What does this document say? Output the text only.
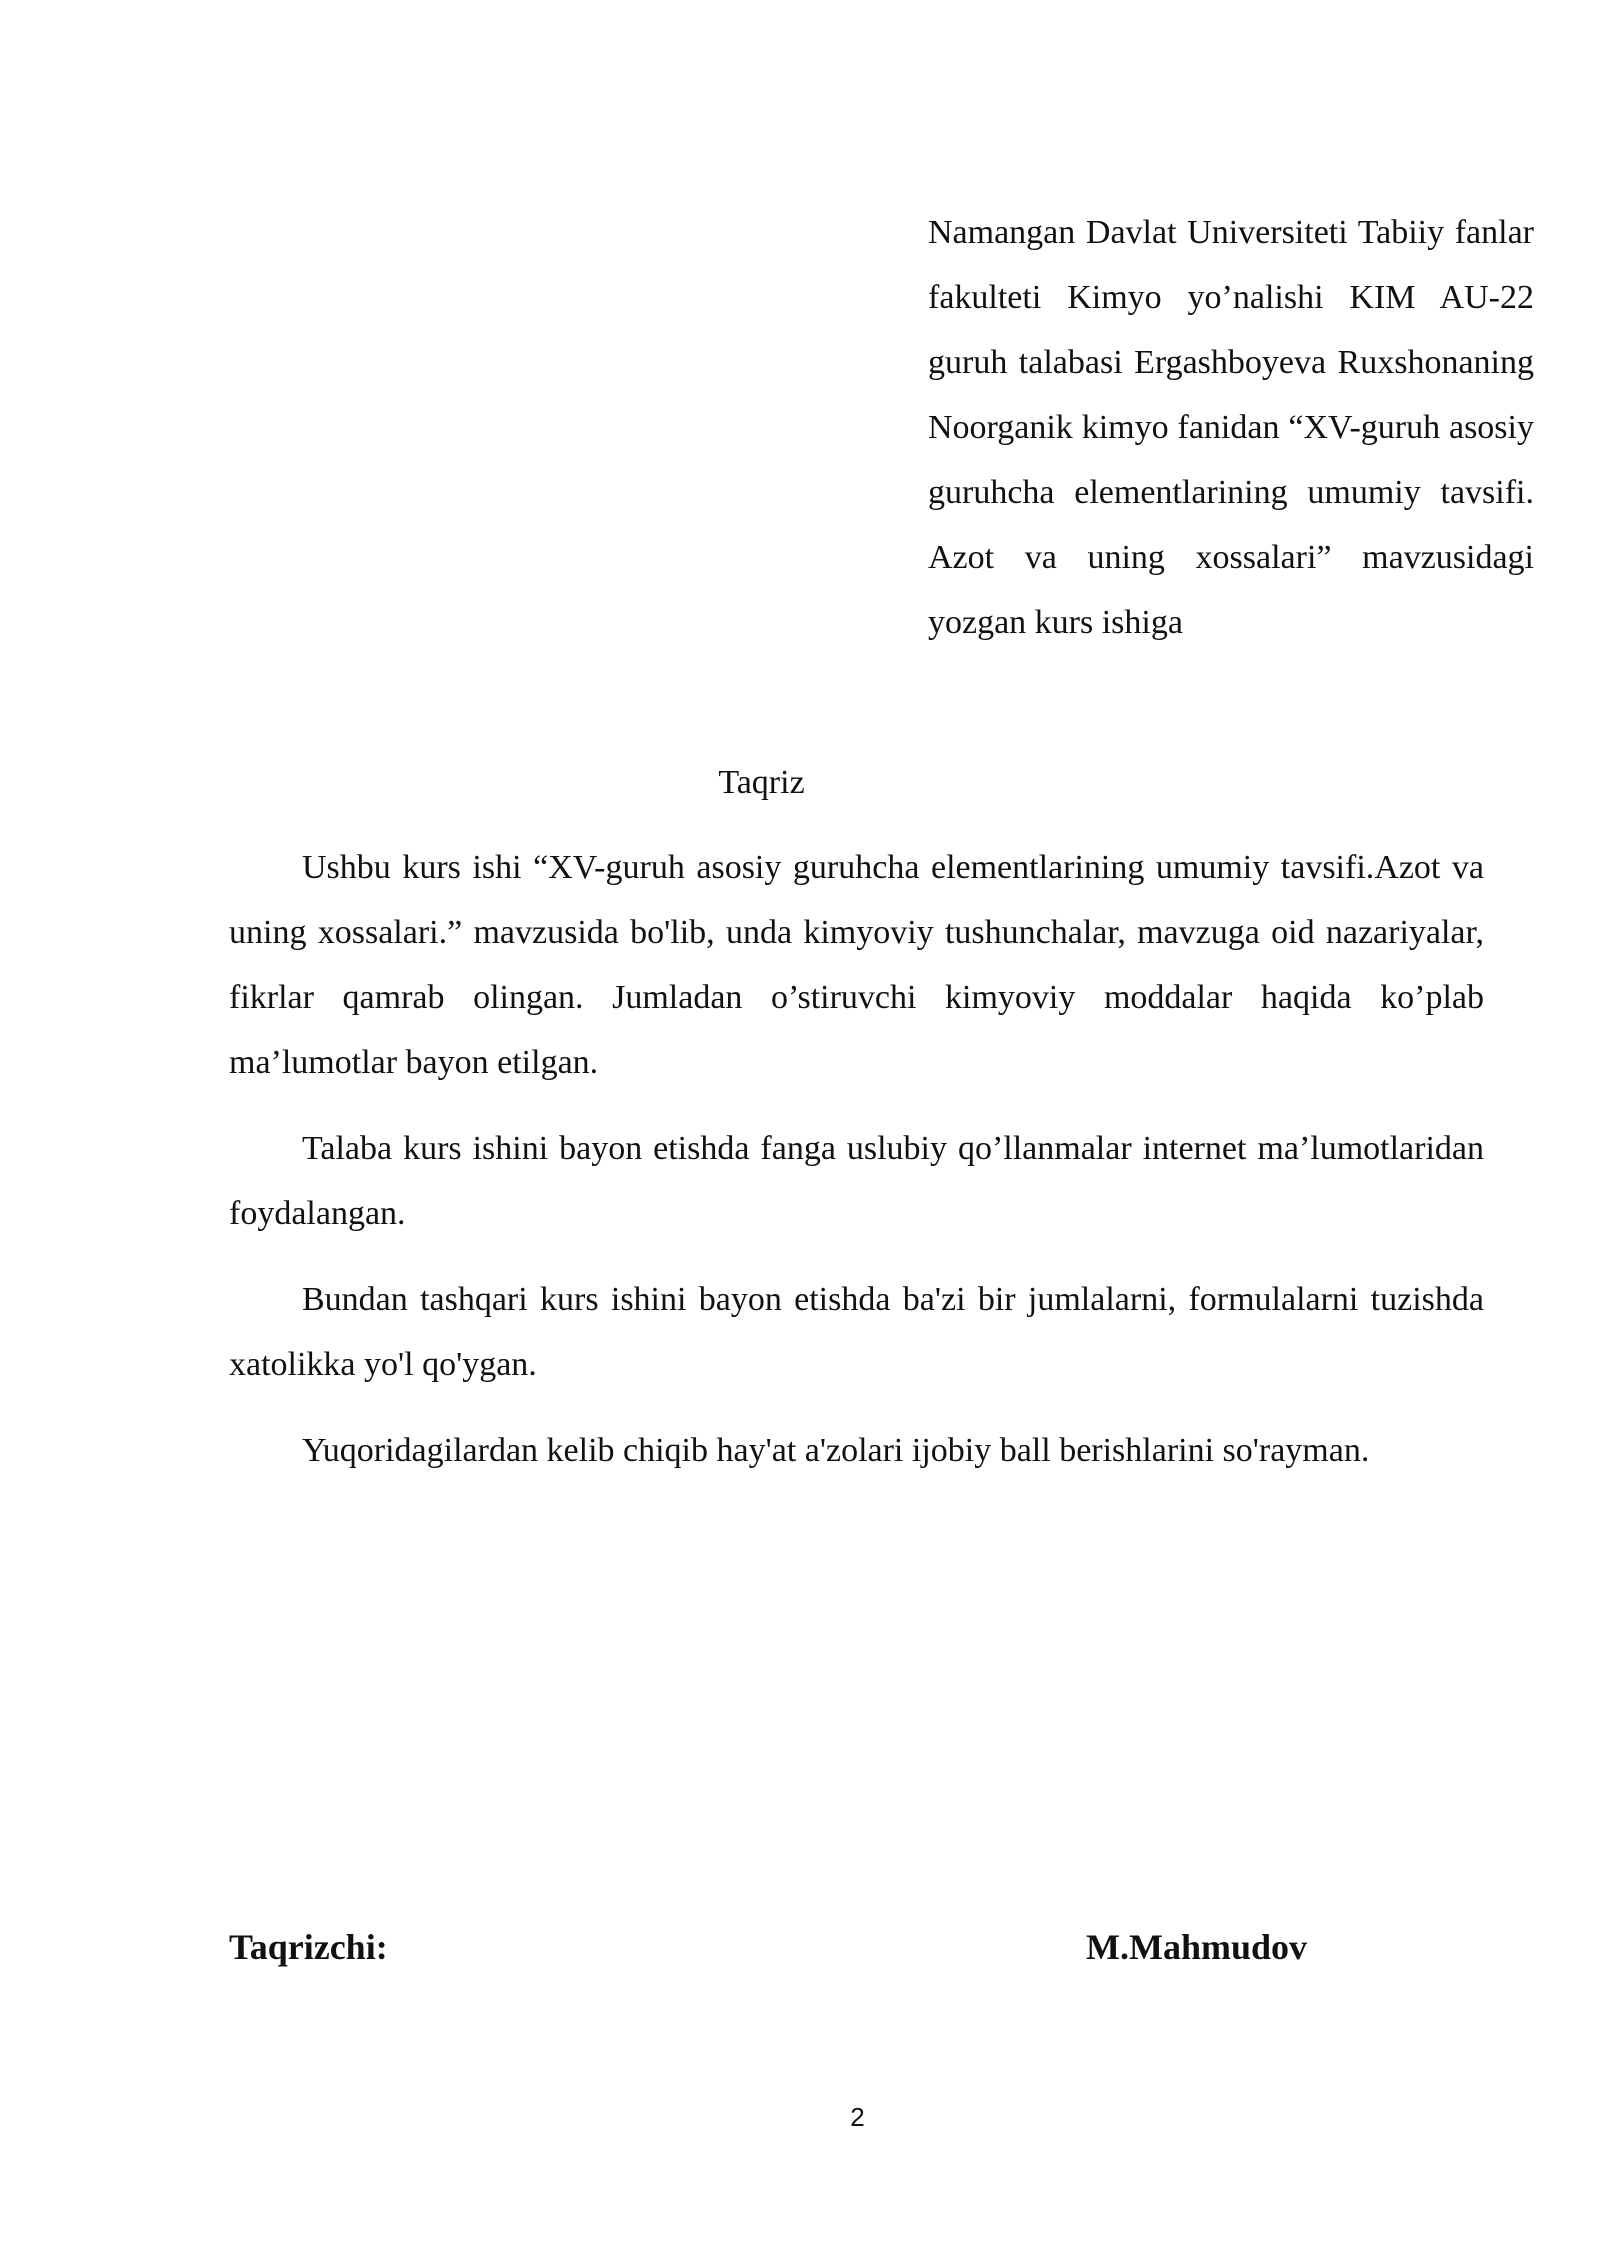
Namangan Davlat Universiteti Tabiiy fanlar fakulteti Kimyo yo’nalishi KIM AU-22 guruh talabasi Ergashboyeva Ruxshonaning Noorganik kimyo fanidan “XV-guruh asosiy guruhcha elementlarining umumiy tavsifi. Azot va uning xossalari” mavzusidagi yozgan kurs ishiga
Taqriz

Ushbu kurs ishi “XV-guruh asosiy guruhcha elementlarining umumiy tavsifi.Azot va uning xossalari.” mavzusida bo'lib, unda kimyoviy tushunchalar, mavzuga oid nazariyalar, fikrlar qamrab olingan. Jumladan o’stiruvchi kimyoviy moddalar haqida ko’plab ma’lumotlar bayon etilgan.

Talaba kurs ishini bayon etishda fanga uslubiy qo’llanmalar internet ma’lumotlaridan foydalangan.

Bundan tashqari kurs ishini bayon etishda ba'zi bir jumlalarni, formulalarni tuzishda xatolikka yo'l qo'ygan.

Yuqoridagilardan kelib chiqib hay'at a'zolari ijobiy ball berishlarini so'rayman.

Taqrizchi:	M.Mahmudov
2
